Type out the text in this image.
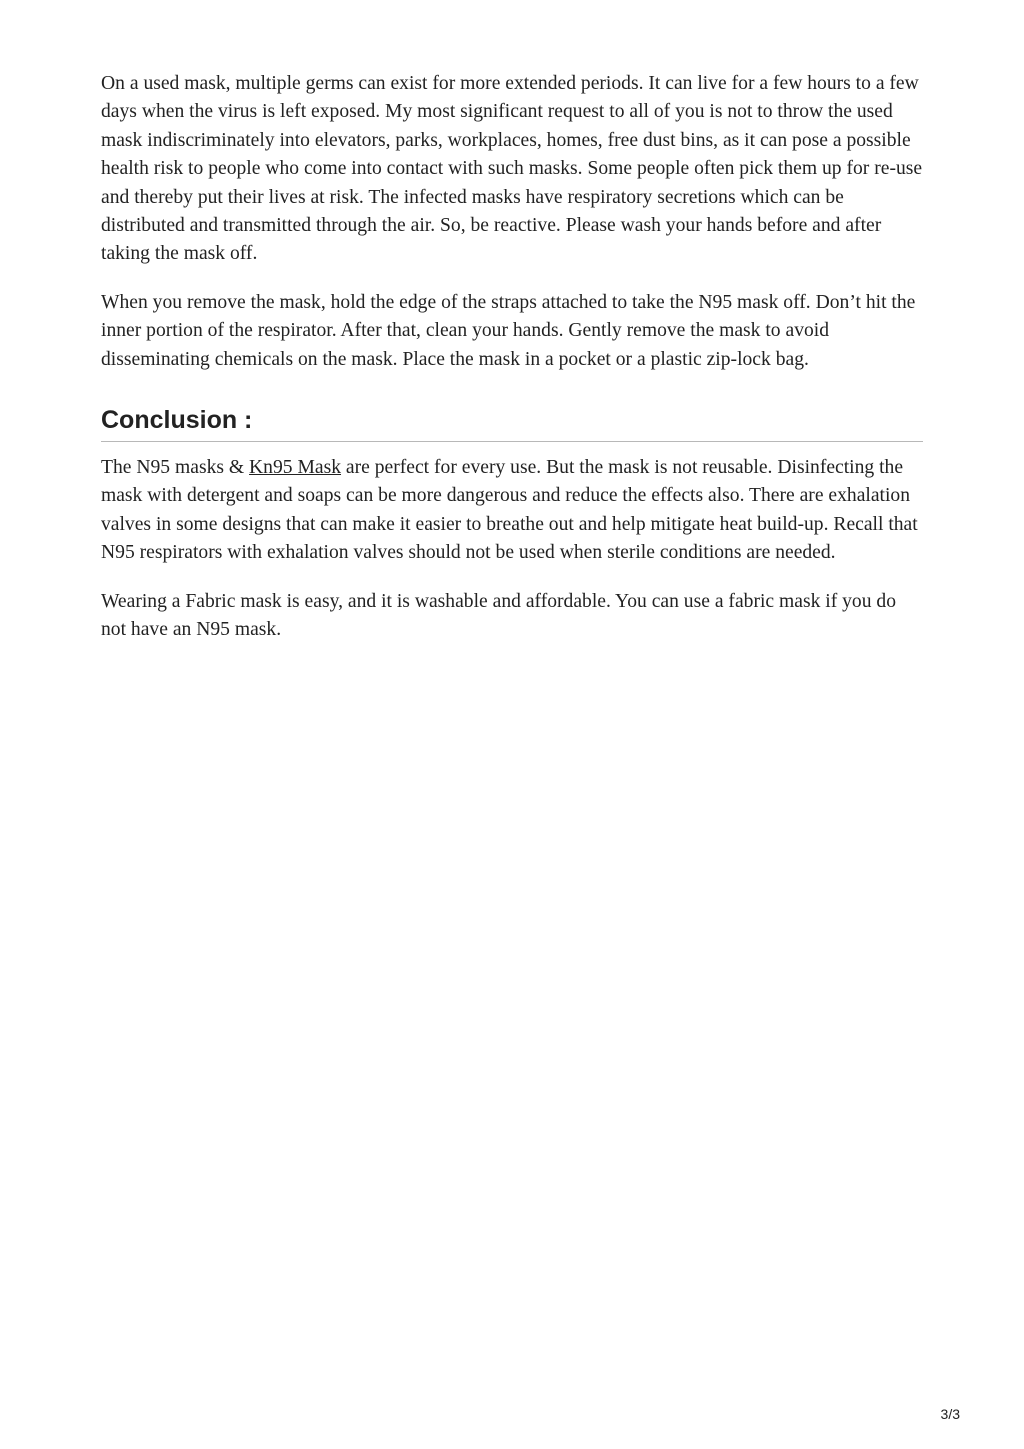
On a used mask, multiple germs can exist for more extended periods. It can live for a few hours to a few days when the virus is left exposed. My most significant request to all of you is not to throw the used mask indiscriminately into elevators, parks, workplaces, homes, free dust bins, as it can pose a possible health risk to people who come into contact with such masks. Some people often pick them up for re-use and thereby put their lives at risk. The infected masks have respiratory secretions which can be distributed and transmitted through the air. So, be reactive. Please wash your hands before and after taking the mask off.

When you remove the mask, hold the edge of the straps attached to take the N95 mask off. Don’t hit the inner portion of the respirator. After that, clean your hands. Gently remove the mask to avoid disseminating chemicals on the mask. Place the mask in a pocket or a plastic zip-lock bag.

Conclusion :

The N95 masks & Kn95 Mask are perfect for every use. But the mask is not reusable. Disinfecting the mask with detergent and soaps can be more dangerous and reduce the effects also. There are exhalation valves in some designs that can make it easier to breathe out and help mitigate heat build-up. Recall that N95 respirators with exhalation valves should not be used when sterile conditions are needed.

Wearing a Fabric mask is easy, and it is washable and affordable. You can use a fabric mask if you do not have an N95 mask.

3/3
